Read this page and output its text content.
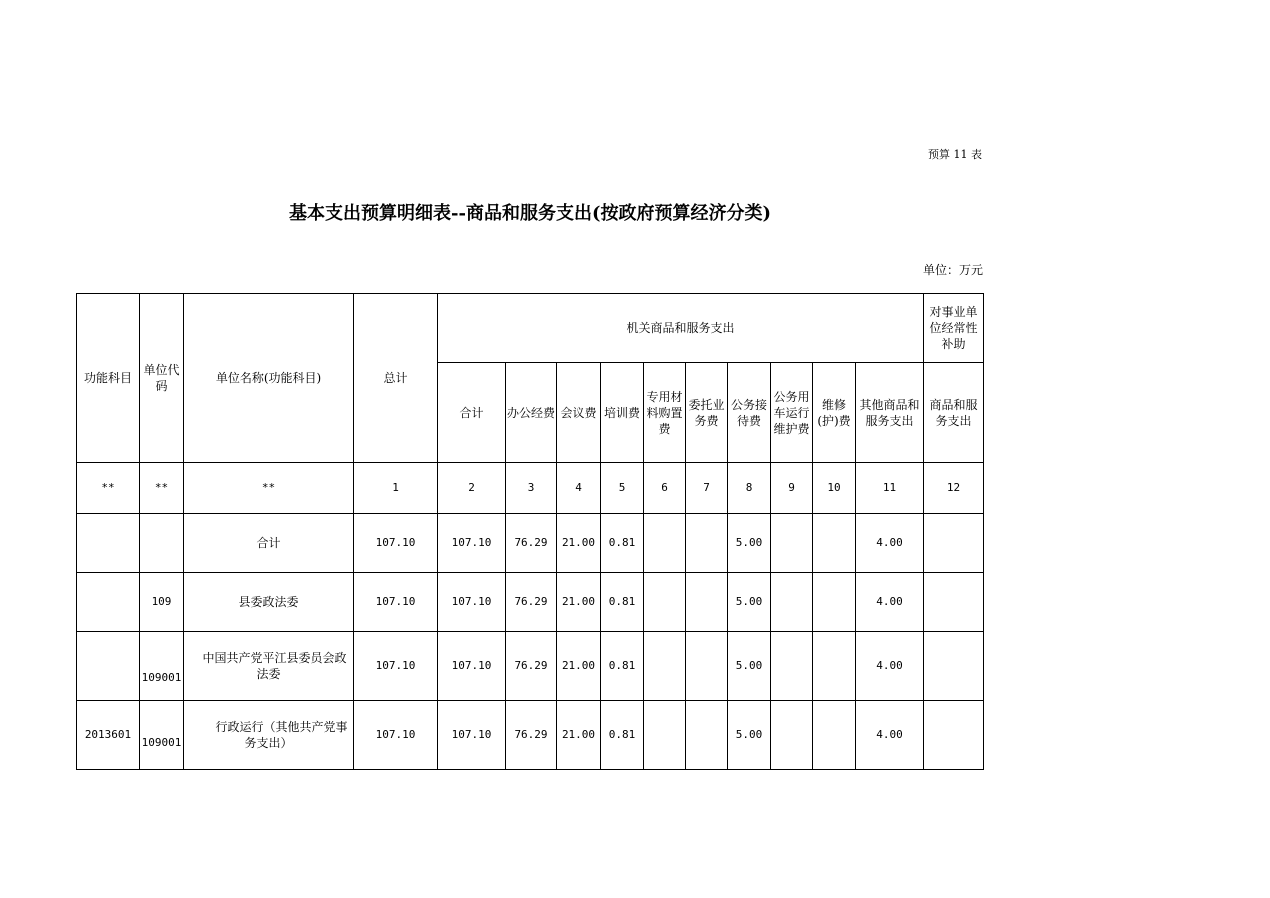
预算 11 表
基本支出预算明细表--商品和服务支出(按政府预算经济分类)
单位：万元
功能科目	单位代码	单位名称(功能科目)	总计	机关商品和服务支出										对事业单位经常性补助
				合计	办公经费	会议费	培训费	专用材料购置费	委托业务费	公务接待费	公务用车运行维护费	维修(护)费	其他商品和服务支出	商品和服务支出
**	**	**	1	2	3	4	5	6	7	8	9	10	11	12
		合计	107.10	107.10	76.29	21.00	0.81			5.00			4.00	
	109	县委政法委	107.10	107.10	76.29	21.00	0.81			5.00			4.00	
	109001	中国共产党平江县委员会政法委	107.10	107.10	76.29	21.00	0.81			5.00			4.00	
2013601	109001	行政运行（其他共产党事务支出）	107.10	107.10	76.29	21.00	0.81			5.00			4.00	
